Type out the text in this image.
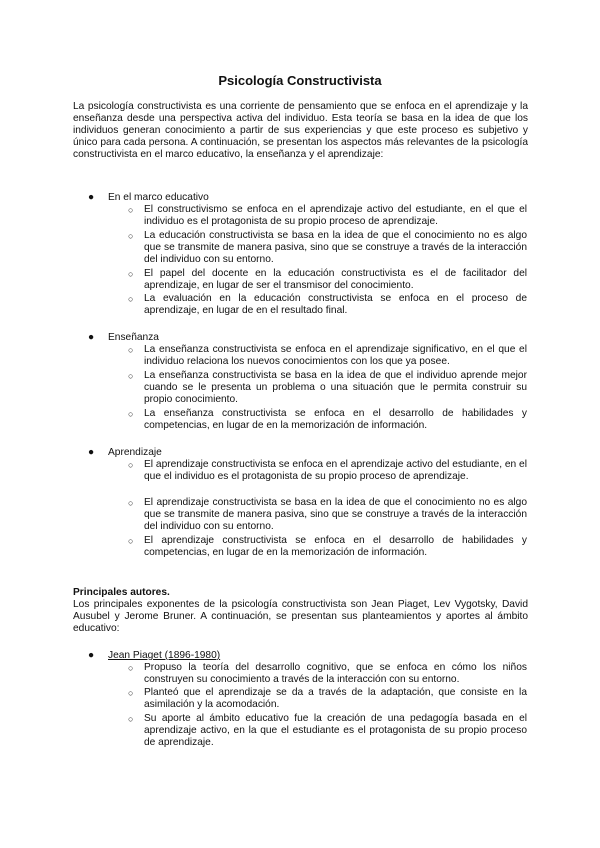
Psicología Constructivista
La psicología constructivista es una corriente de pensamiento que se enfoca en el aprendizaje y la enseñanza desde una perspectiva activa del individuo. Esta teoría se basa en la idea de que los individuos generan conocimiento a partir de sus experiencias y que este proceso es subjetivo y único para cada persona. A continuación, se presentan los aspectos más relevantes de la psicología constructivista en el marco educativo, la enseñanza y el aprendizaje:
●	En el marco educativo
○	El constructivismo se enfoca en el aprendizaje activo del estudiante, en el que el individuo es el protagonista de su propio proceso de aprendizaje.
○	La educación constructivista se basa en la idea de que el conocimiento no es algo que se transmite de manera pasiva, sino que se construye a través de la interacción del individuo con su entorno.
○	El papel del docente en la educación constructivista es el de facilitador del aprendizaje, en lugar de ser el transmisor del conocimiento.
○	La evaluación en la educación constructivista se enfoca en el proceso de aprendizaje, en lugar de en el resultado final.
●	Enseñanza
○	La enseñanza constructivista se enfoca en el aprendizaje significativo, en el que el individuo relaciona los nuevos conocimientos con los que ya posee.
○	La enseñanza constructivista se basa en la idea de que el individuo aprende mejor cuando se le presenta un problema o una situación que le permita construir su propio conocimiento.
○	La enseñanza constructivista se enfoca en el desarrollo de habilidades y competencias, en lugar de en la memorización de información.
●	Aprendizaje
○	El aprendizaje constructivista se enfoca en el aprendizaje activo del estudiante, en el que el individuo es el protagonista de su propio proceso de aprendizaje.
○	El aprendizaje constructivista se basa en la idea de que el conocimiento no es algo que se transmite de manera pasiva, sino que se construye a través de la interacción del individuo con su entorno.
○	El aprendizaje constructivista se enfoca en el desarrollo de habilidades y competencias, en lugar de en la memorización de información.
Principales autores.
Los principales exponentes de la psicología constructivista son Jean Piaget, Lev Vygotsky, David Ausubel y Jerome Bruner. A continuación, se presentan sus planteamientos y aportes al ámbito educativo:
●	Jean Piaget (1896-1980)
○	Propuso la teoría del desarrollo cognitivo, que se enfoca en cómo los niños construyen su conocimiento a través de la interacción con su entorno.
○	Planteó que el aprendizaje se da a través de la adaptación, que consiste en la asimilación y la acomodación.
○	Su aporte al ámbito educativo fue la creación de una pedagogía basada en el aprendizaje activo, en la que el estudiante es el protagonista de su propio proceso de aprendizaje.
